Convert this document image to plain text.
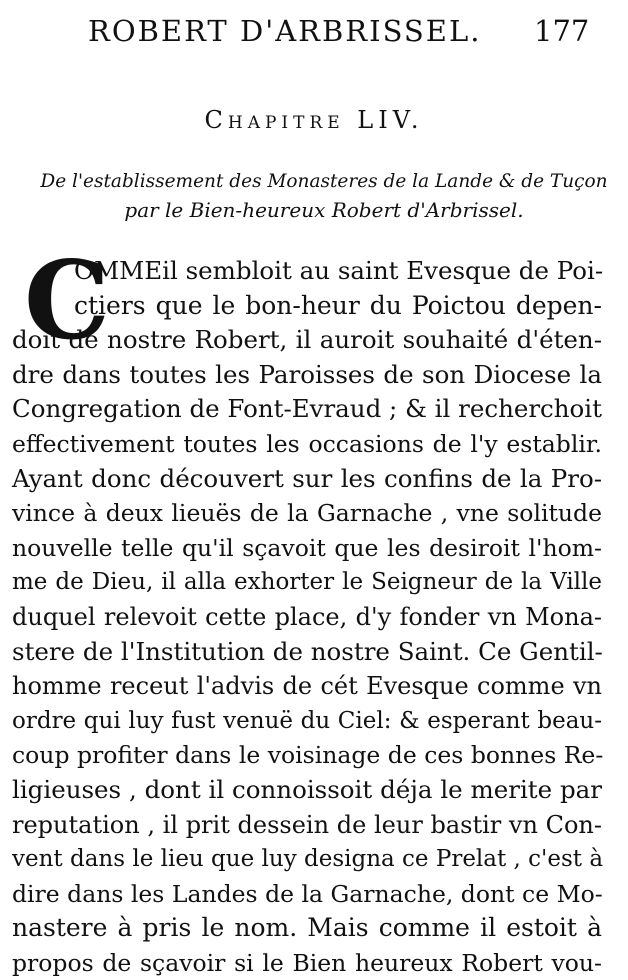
ROBERT D'ARBRISSEL. 177
Chapitre LIV.
De l'establissement des Monasteres de la Lande & de Tuçon
par le Bien-heureux Robert d'Arbrissel.
C
OMMEil sembloit au saint Evesque de Poi-
ctiers que le bon-heur du Poictou depen-
doit de nostre Robert, il auroit souhaité d'éten-
dre dans toutes les Paroisses de son Diocese la
Congregation de Font-Evraud ; & il recherchoit
effectivement toutes les occasions de l'y establir.
Ayant donc découvert sur les confins de la Pro-
vince à deux lieuës de la Garnache , vne solitude
nouvelle telle qu'il sçavoit que les desiroit l'hom-
me de Dieu, il alla exhorter le Seigneur de la Ville
duquel relevoit cette place, d'y fonder vn Mona-
stere de l'Institution de nostre Saint. Ce Gentil-
homme receut l'advis de cét Evesque comme vn
ordre qui luy fust venuë du Ciel: & esperant beau-
coup profiter dans le voisinage de ces bonnes Re-
ligieuses , dont il connoissoit déja le merite par
reputation , il prit dessein de leur bastir vn Con-
vent dans le lieu que luy designa ce Prelat , c'est à
dire dans les Landes de la Garnache, dont ce Mo-
nastere à pris le nom. Mais comme il estoit à
propos de sçavoir si le Bien heureux Robert vou-
